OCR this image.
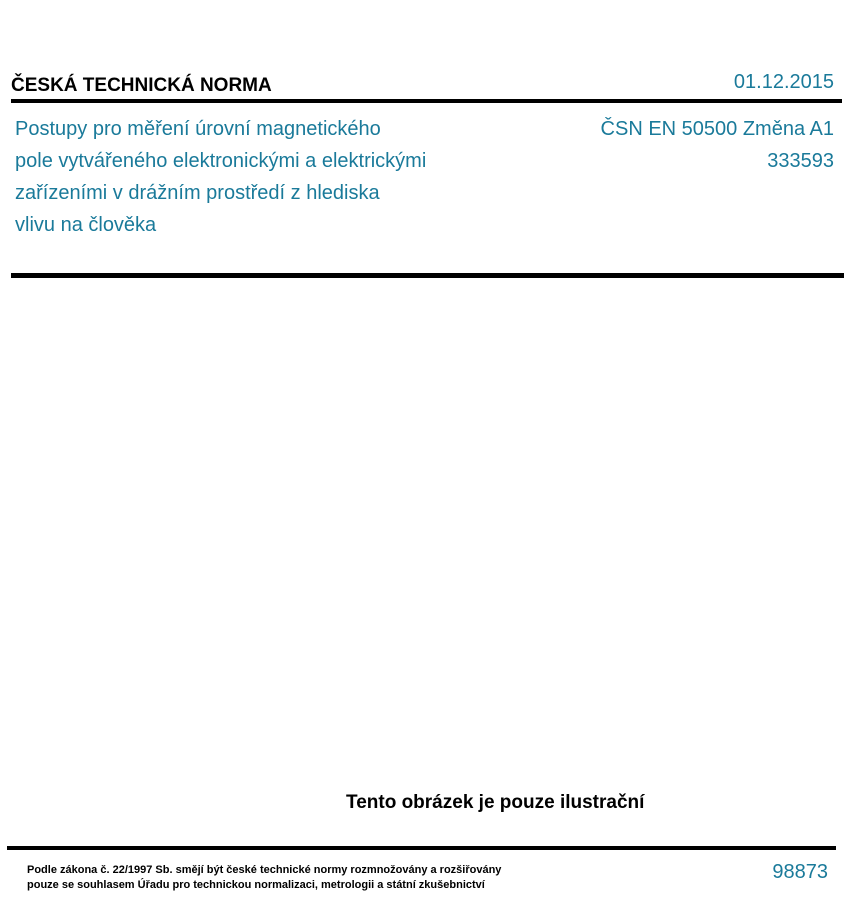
ČESKÁ TECHNICKÁ NORMA	01.12.2015
Postupy pro měření úrovní magnetického
pole vytvářeného elektronickými a elektrickými
zařízeními v drážním prostředí z hlediska
vlivu na člověka
ČSN EN 50500 Změna A1
333593
Tento obrázek je pouze ilustrační
Podle zákona č. 22/1997 Sb. smějí být české technické normy rozmnožovány a rozšiřovány
pouze se souhlasem Úřadu pro technickou normalizaci, metrologii a státní zkušebnictví
98873
